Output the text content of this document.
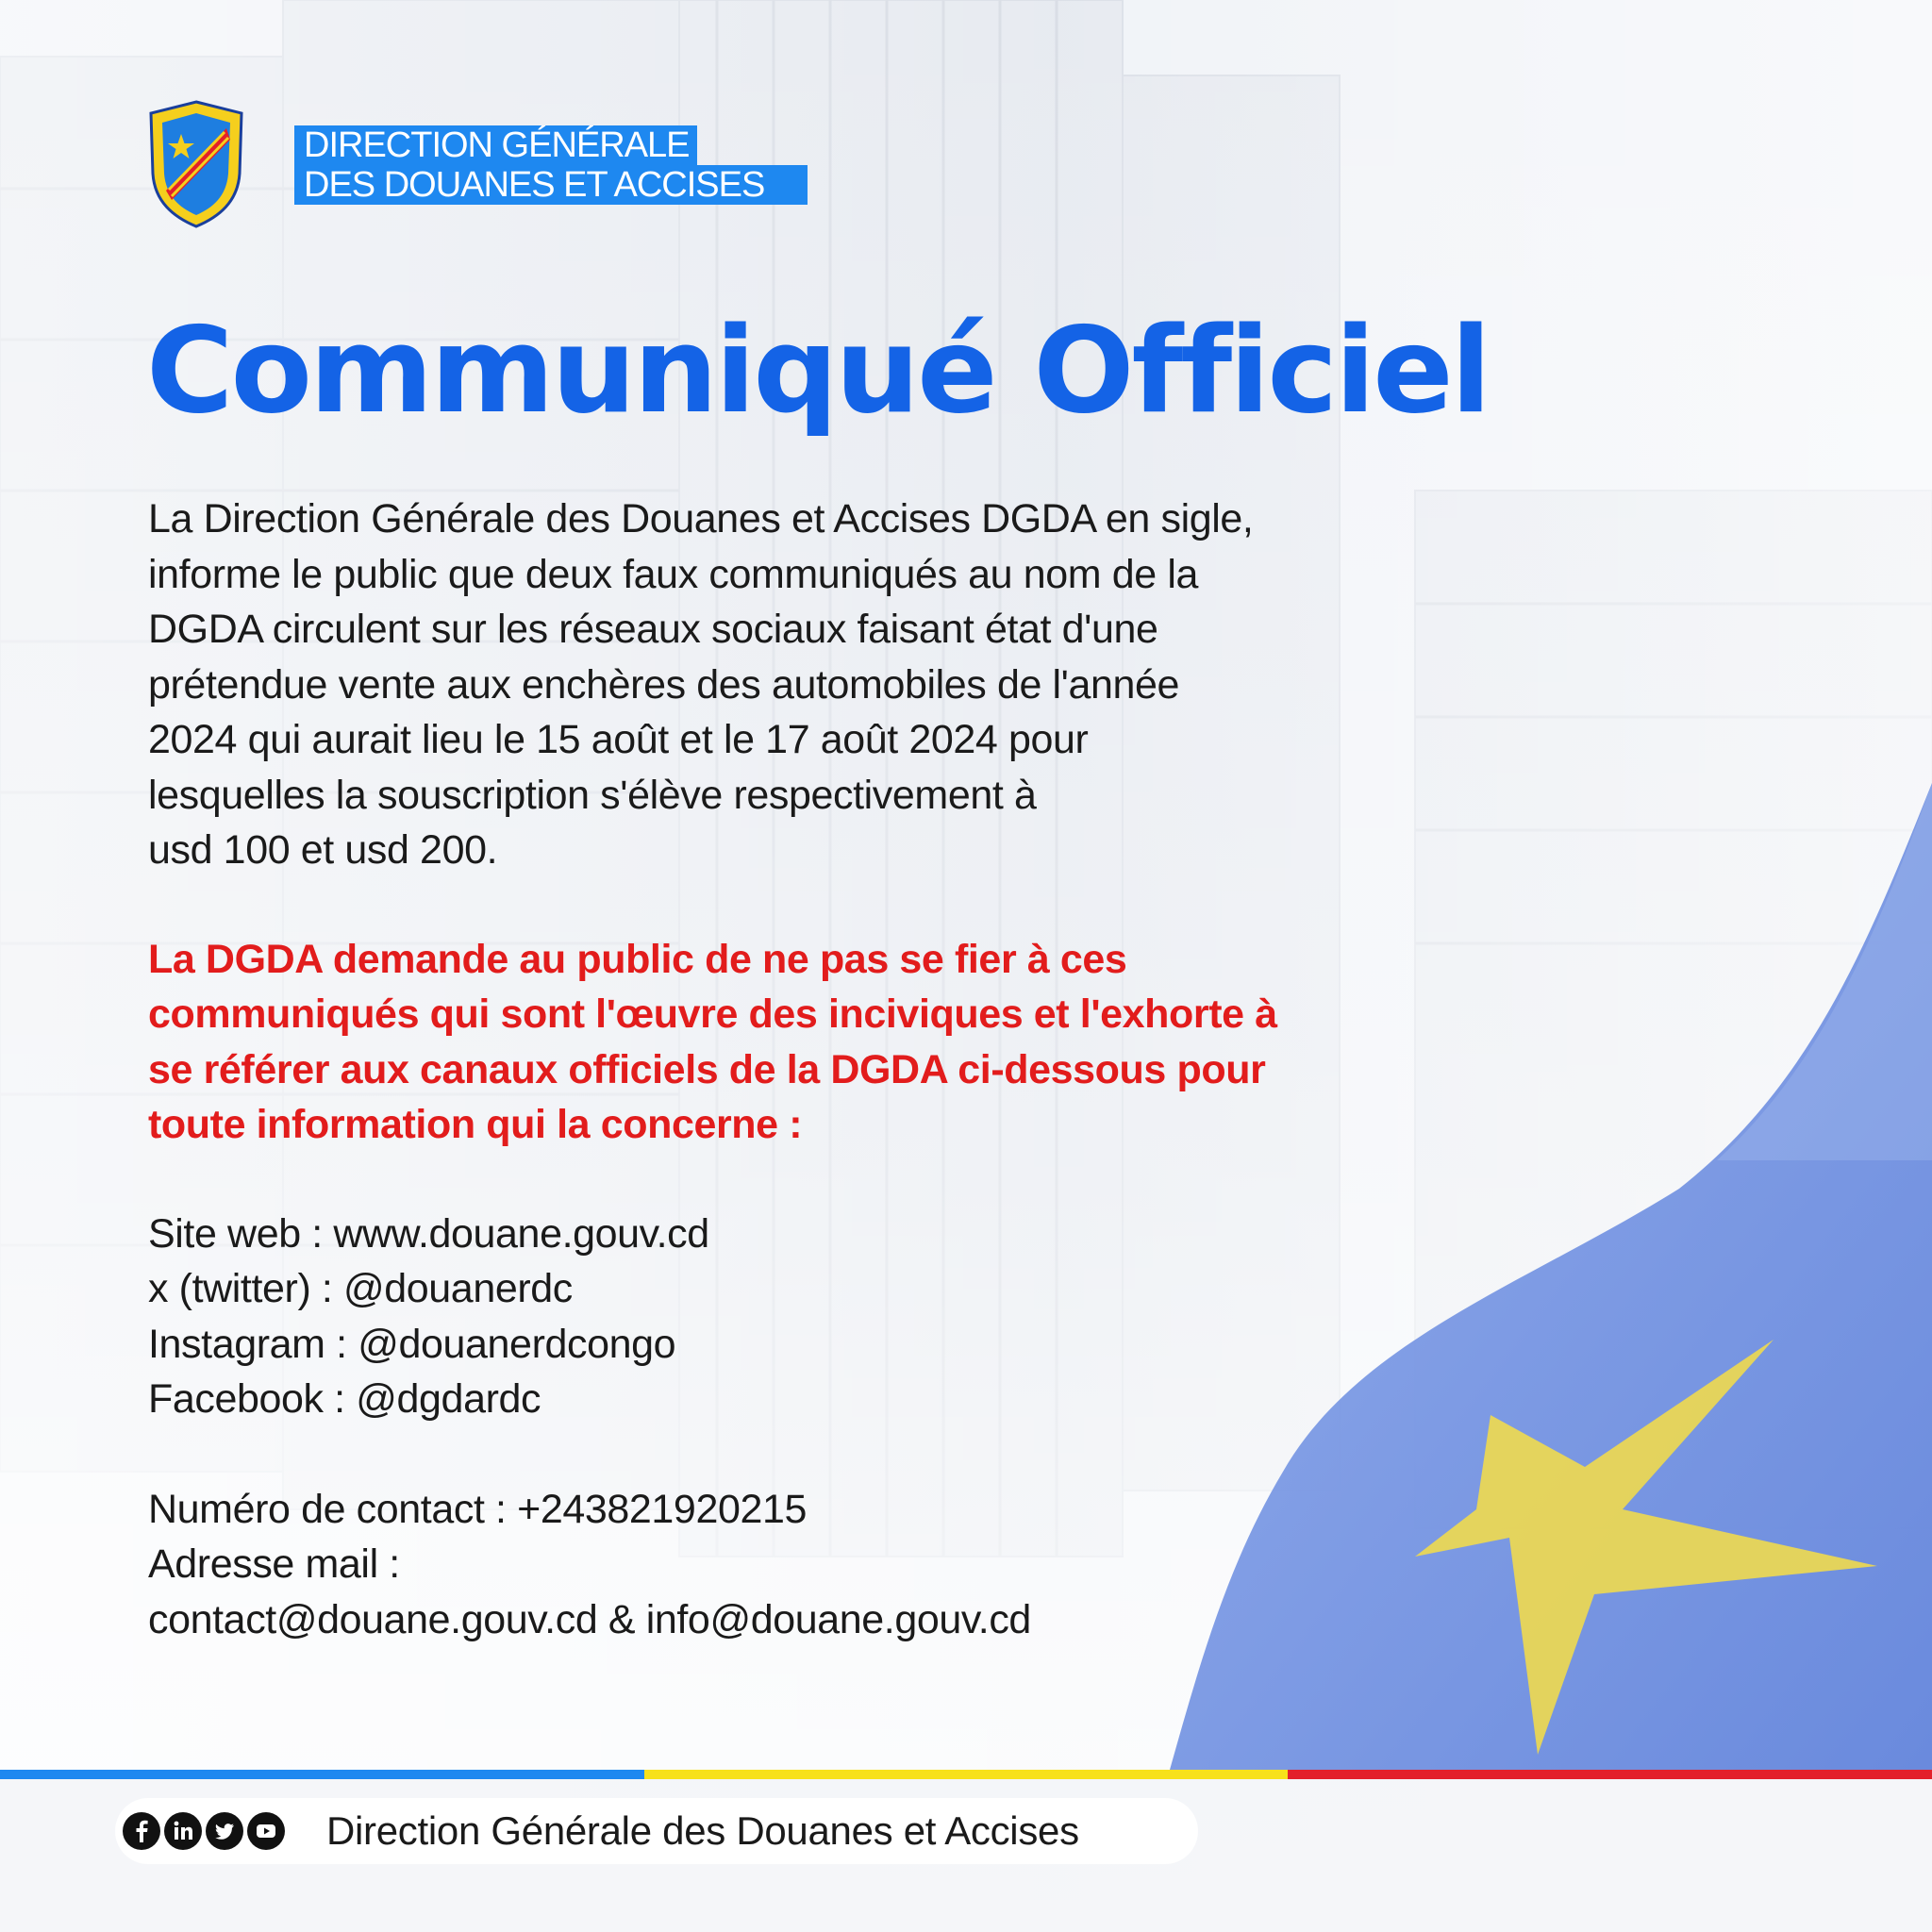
DIRECTION GÉNÉRALE
DES DOUANES ET ACCISES
Communiqué Officiel

La Direction Générale des Douanes et Accises DGDA en sigle,
informe le public que deux faux communiqués au nom de la
DGDA circulent sur les réseaux sociaux faisant état d'une
prétendue vente aux enchères des automobiles de l'année
2024 qui aurait lieu le 15 août et le 17 août 2024 pour
lesquelles la souscription s'élève respectivement à
usd 100 et usd 200.

La DGDA demande au public de ne pas se fier à ces
communiqués qui sont l'œuvre des inciviques et l'exhorte à
se référer aux canaux officiels de la DGDA ci-dessous pour
toute information qui la concerne :

Site web : www.douane.gouv.cd
x (twitter) : @douanerdc
Instagram : @douanerdcongo
Facebook : @dgdardc

Numéro de contact : +243821920215
Adresse mail :
contact@douane.gouv.cd & info@douane.gouv.cd

Direction Générale des Douanes et Accises
